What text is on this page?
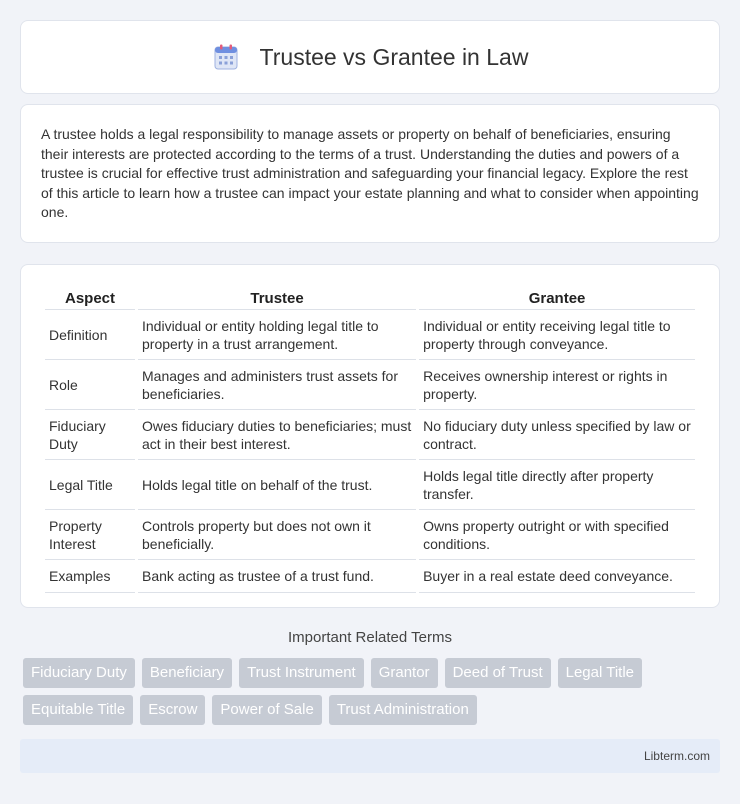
Trustee vs Grantee in Law

A trustee holds a legal responsibility to manage assets or property on behalf of beneficiaries, ensuring their interests are protected according to the terms of a trust. Understanding the duties and powers of a trustee is crucial for effective trust administration and safeguarding your financial legacy. Explore the rest of this article to learn how a trustee can impact your estate planning and what to consider when appointing one.

Aspect	Trustee	Grantee
Definition	Individual or entity holding legal title to property in a trust arrangement.	Individual or entity receiving legal title to property through conveyance.
Role	Manages and administers trust assets for beneficiaries.	Receives ownership interest or rights in property.
Fiduciary Duty	Owes fiduciary duties to beneficiaries; must act in their best interest.	No fiduciary duty unless specified by law or contract.
Legal Title	Holds legal title on behalf of the trust.	Holds legal title directly after property transfer.
Property Interest	Controls property but does not own it beneficially.	Owns property outright or with specified conditions.
Examples	Bank acting as trustee of a trust fund.	Buyer in a real estate deed conveyance.
Important Related Terms
Fiduciary Duty	Beneficiary	Trust Instrument	Grantor	Deed of Trust	Legal Title
Equitable Title	Escrow	Power of Sale	Trust Administration
Libterm.com
